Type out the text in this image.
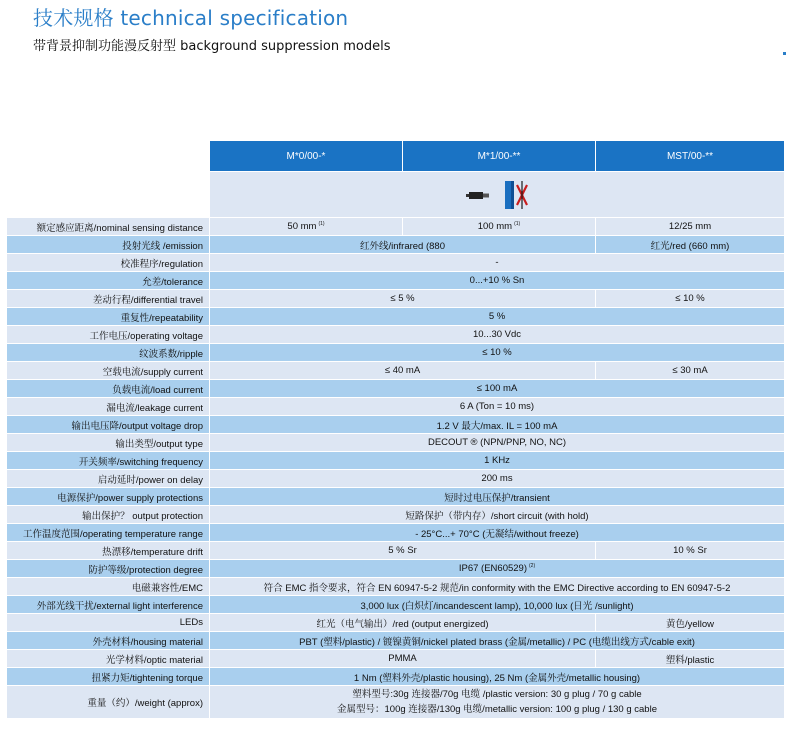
技术规格 technical specification
带背景抑制功能漫反射型 background suppression models
	M*0/00-*	M*1/00-**	MST/00-**

额定感应距离/nominal sensing distance	50 mm $^{(1)}$	100 mm $^{(1)}$	12/25 mm
投射光线 /emission	红外线/infrared (880		红光/red (660 mm)
校准程序/regulation	-		
允差/tolerance	0...+10 % Sn		
差动行程/differential travel	≤ 5 %		≤ 10 %
重复性/repeatability	5 %		
工作电压/operating voltage	10...30 Vdc		
纹波系数/ripple	≤ 10 %		
空载电流/supply current	≤ 40 mA		≤ 30 mA
负载电流/load current	≤ 100 mA		
漏电流/leakage current	6 A (Ton = 10 ms)		
输出电压降/output voltage drop	1.2 V 最大/max. IL = 100 mA		
输出类型/output type	DECOUT ® (NPN/PNP, NO, NC)		
开关频率/switching frequency	1 KHz		
启动延时/power on delay	200 ms		
电源保护/power supply protections	短时过电压保护/transient		
输出保护？ output protection	短路保护（带内存）/short circuit (with hold)		
工作温度范围/operating temperature range	- 25°C...+ 70°C (无凝结/without freeze)		
热漂移/temperature drift	5 % Sr		10 % Sr
防护等级/protection degree	IP67 (EN60529) $^{(2)}$
电磁兼容性/EMC	符合 EMC 指令要求，符合 EN 60947-5-2 规范/in conformity with the EMC Directive according to EN 60947-5-2		
外部光线干扰/external light interference	3,000 lux (白炽灯/incandescent lamp), 10,000 lux (日光 /sunlight)		
LEDs	红光（电气输出）/red (output energized)		黄色/yellow
外壳材料/housing material	PBT (塑料/plastic) / 镀镍黄铜/nickel plated brass (金属/metallic) / PC (电缆出线方式/cable exit)		
光学材料/optic material	PMMA		塑料/plastic
扭紧力矩/tightening torque	1 Nm (塑料外壳/plastic housing), 25 Nm (金属外壳/metallic housing)		
重量（约）/weight (approx)	塑料型号:30g 连接器/70g 电缆 /plastic version: 30 g plug / 70 g cable
金属型号：100g 连接器/130g 电缆/metallic version: 100 g plug / 130 g cable		
